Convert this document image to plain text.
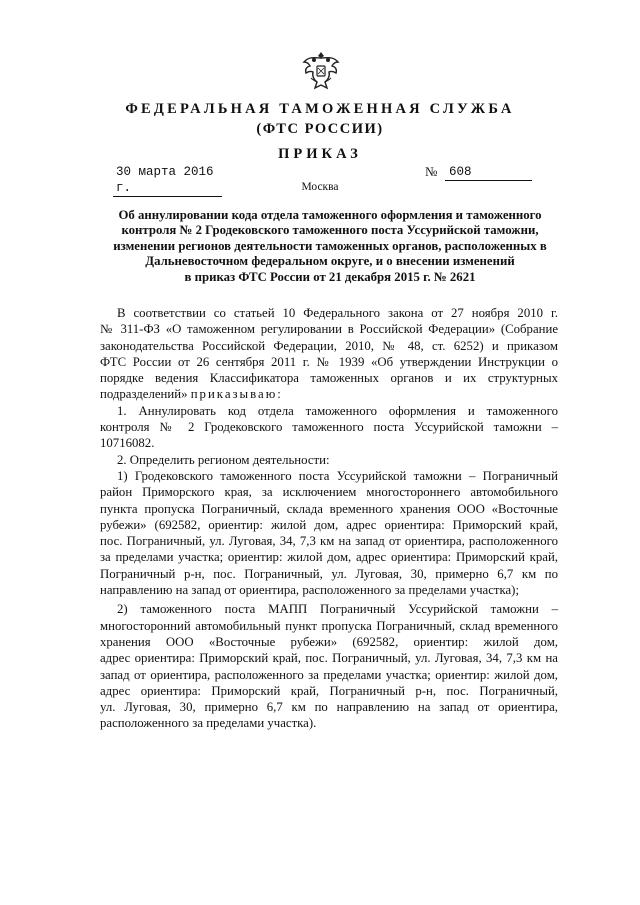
ФЕДЕРАЛЬНАЯ ТАМОЖЕННАЯ СЛУЖБА

(ФТС РОССИИ)

ПРИКАЗ

30 марта 2016 г.
№ 608

Москва

Об аннулировании кода отдела таможенного оформления и таможенного
контроля № 2 Гродековского таможенного поста Уссурийской таможни,
изменении регионов деятельности таможенных органов, расположенных в
Дальневосточном федеральном округе, и о внесении изменений
в приказ ФТС России от 21 декабря 2015 г. № 2621
В соответствии со статьей 10 Федерального закона от 27 ноября 2010 г.
№ 311-ФЗ «О таможенном регулировании в Российской Федерации» (Собрание
законодательства Российской Федерации, 2010, № 48, ст. 6252) и приказом
ФТС России от 26 сентября 2011 г. № 1939 «Об утверждении Инструкции о
порядке ведения Классификатора таможенных органов и их структурных
подразделений» приказываю:
1. Аннулировать код отдела таможенного оформления и таможенного
контроля № 2 Гродековского таможенного поста Уссурийской таможни –
10716082.
2. Определить регионом деятельности:
1) Гродековского таможенного поста Уссурийской таможни – Пограничный
район Приморского края, за исключением многостороннего автомобильного
пункта пропуска Пограничный, склада временного хранения ООО «Восточные
рубежи» (692582, ориентир: жилой дом, адрес ориентира: Приморский край,
пос. Пограничный, ул. Луговая, 34, 7,3 км на запад от ориентира, расположенного
за пределами участка; ориентир: жилой дом, адрес ориентира: Приморский край,
Пограничный р-н, пос. Пограничный, ул. Луговая, 30, примерно 6,7 км по
направлению на запад от ориентира, расположенного за пределами участка);
2) таможенного поста МАПП Пограничный Уссурийской таможни –
многосторонний автомобильный пункт пропуска Пограничный, склад временного
хранения ООО «Восточные рубежи» (692582, ориентир: жилой дом,
адрес ориентира: Приморский край, пос. Пограничный, ул. Луговая, 34, 7,3 км на
запад от ориентира, расположенного за пределами участка; ориентир: жилой дом,
адрес ориентира: Приморский край, Пограничный р-н, пос. Пограничный,
ул. Луговая, 30, примерно 6,7 км по направлению на запад от ориентира,
расположенного за пределами участка).
